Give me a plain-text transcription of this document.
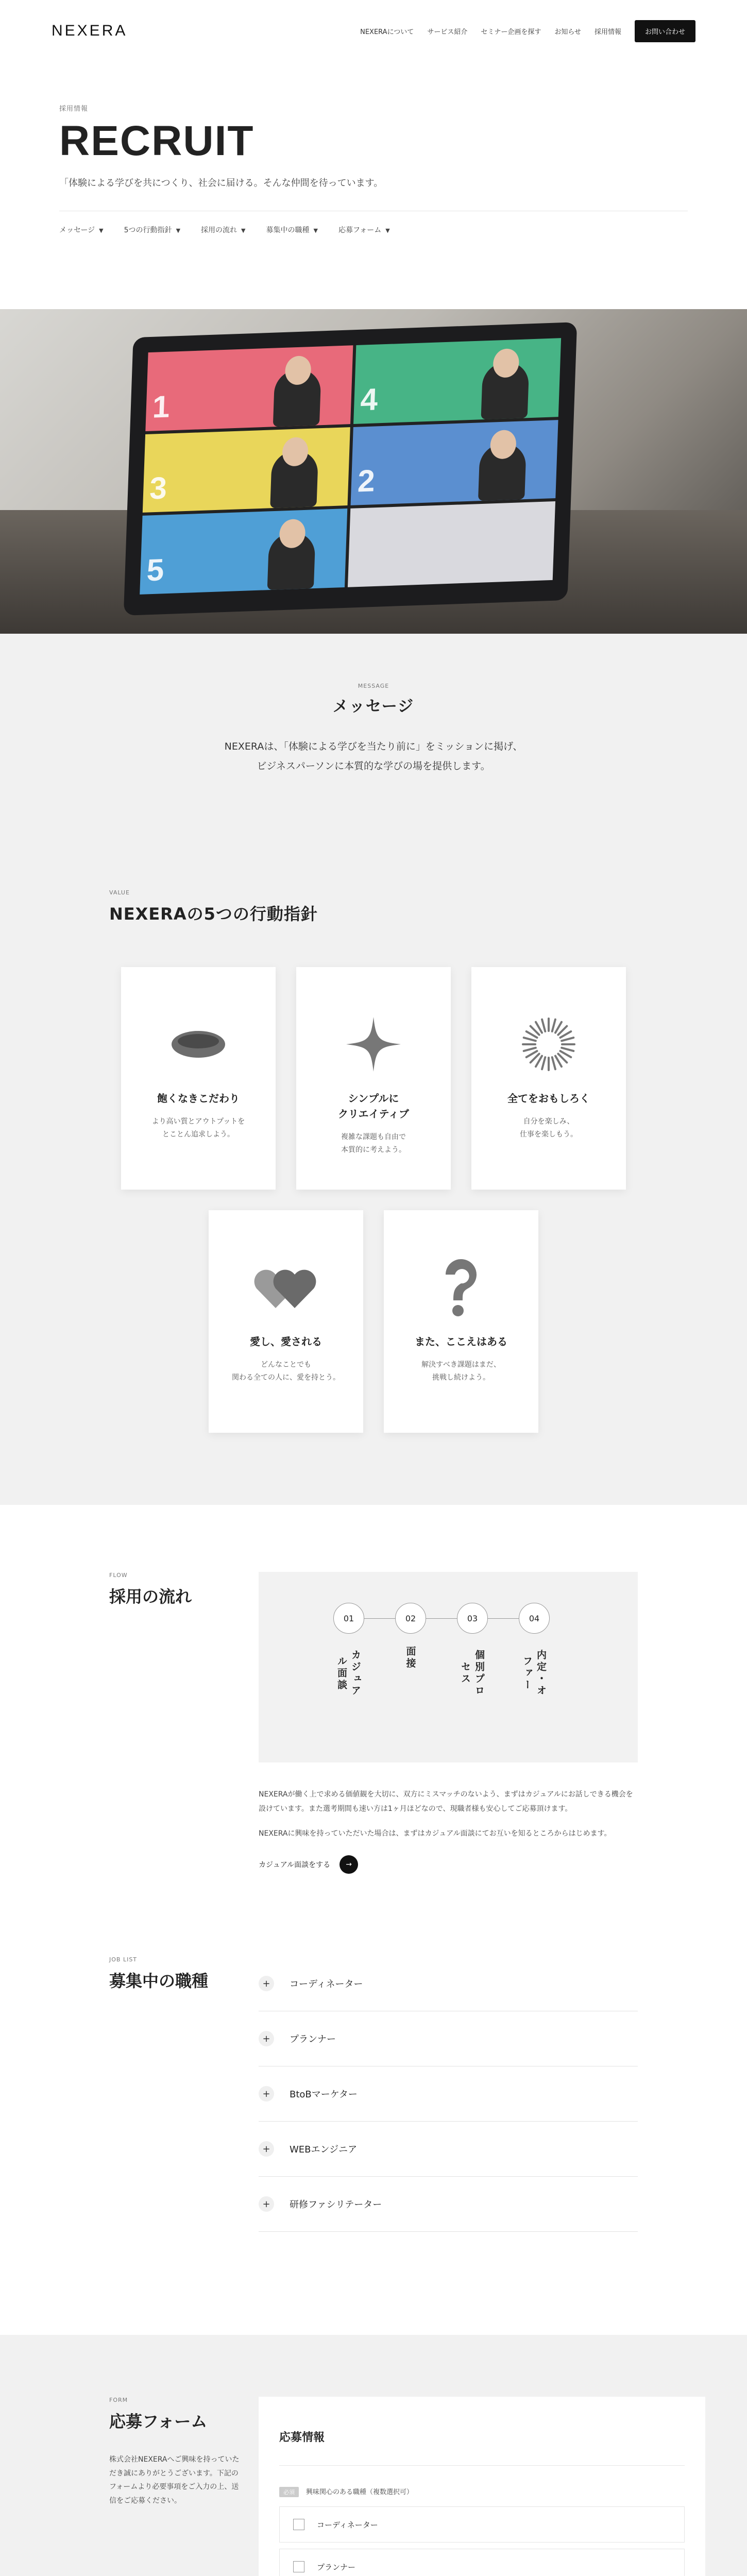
NEXERA	NEXERAについて サービス紹介 セミナー企画を探す お知らせ 採用情報	お問い合わせ
採用情報
RECRUIT

「体験による学びを共につくり、社会に届ける。そんな仲間を待っています。

メッセージ ▼	5つの行動指針 ▼	採用の流れ ▼	募集中の職種 ▼	応募フォーム ▼
1	4
3	2
5
MESSAGE
メッセージ

NEXERAは、「体験による学びを当たり前に」をミッションに掲げ、
ビジネスパーソンに本質的な学びの場を提供します。

VALUE
NEXERAの5つの行動指針
飽くなきこだわり

より高い質とアウトプットを
とことん追求しよう。

シンプルに
クリエイティブ

複雑な課題も自由で
本質的に考えよう。

全てをおもしろく

自分を楽しみ、
仕事を楽しもう。

愛し、愛される

どんなことでも
関わる全ての人に、愛を持とう。

また、ここえはある

解決すべき課題はまだ、
挑戦し続けよう。

FLOW
採用の流れ
01
カジュアル面談
02
面接
03
個別プロセス
04
内定・オファー

NEXERAが働く上で求める価値観を大切に、双方にミスマッチのないよう、まずはカジュアルにお話しできる機会を設けています。また選考期間も速い方は1ヶ月ほどなので、現職者様も安心してご応募頂けます。

NEXERAに興味を持っていただいた場合は、まずはカジュアル面談にてお互いを知るところからはじめます。

カジュアル面談をする	→
JOB LIST
募集中の職種	+	コーディネーター
+	プランナー
+	BtoBマーケター
+	WEBエンジニア
+	研修ファシリテーター
FORM
応募フォーム

株式会社NEXERAへご興味を持っていただき誠にありがとうございます。下記のフォームより必要事項をご入力の上、送信をご応募ください。

応募情報
必須 興味関心のある職種（複数選択可）
コーディネーター
プランナー
